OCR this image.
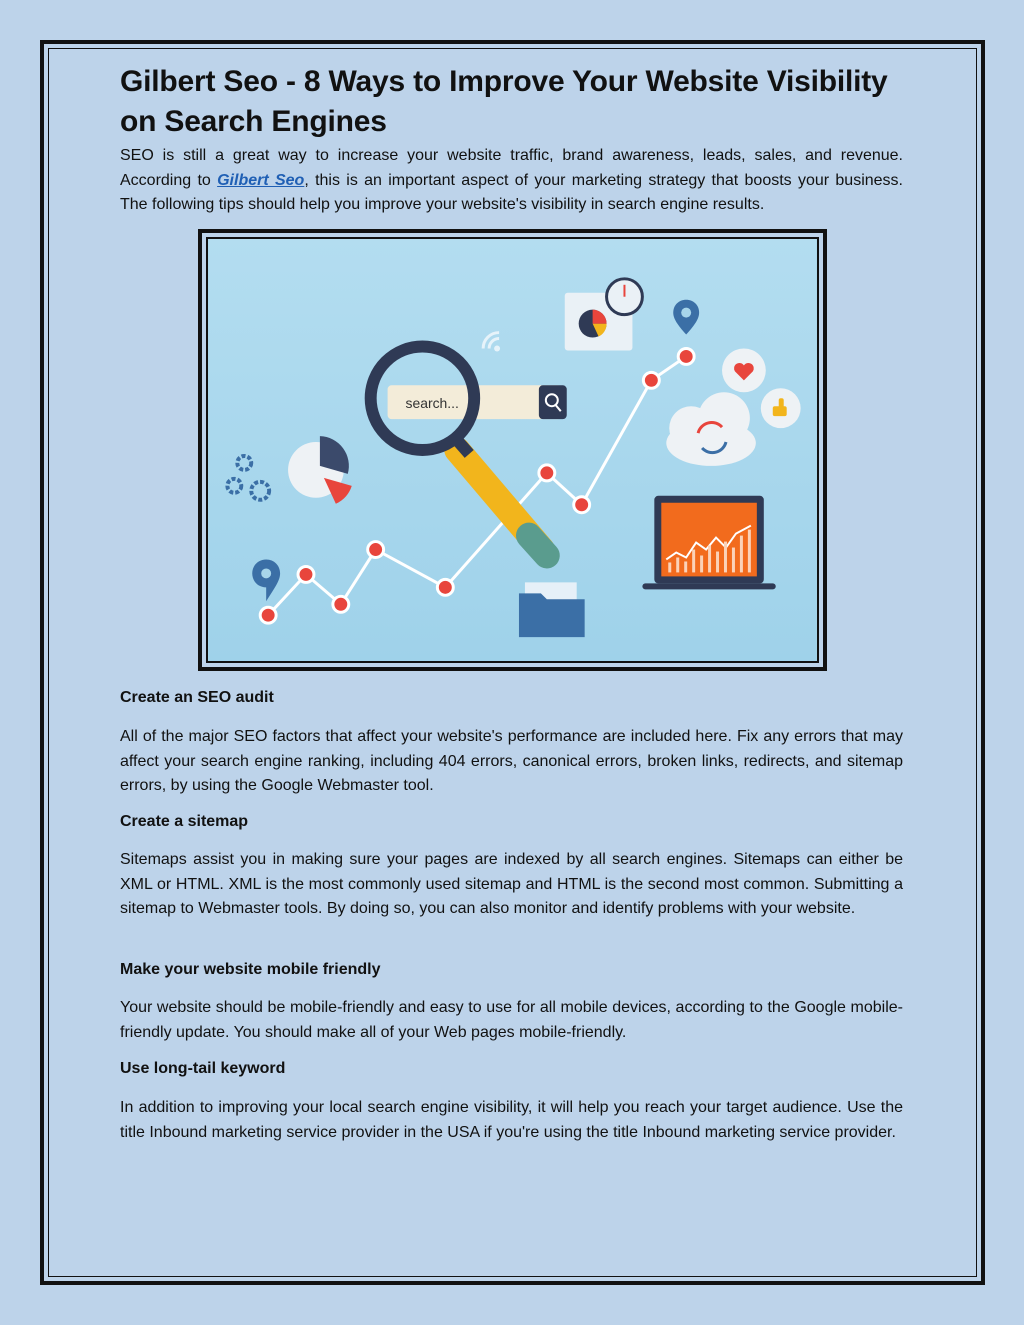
Gilbert Seo - 8 Ways to Improve Your Website Visibility on Search Engines

SEO is still a great way to increase your website traffic, brand awareness, leads, sales, and revenue. According to Gilbert Seo, this is an important aspect of your marketing strategy that boosts your business. The following tips should help you improve your website's visibility in search engine results.

search...

Create an SEO audit

All of the major SEO factors that affect your website's performance are included here. Fix any errors that may affect your search engine ranking, including 404 errors, canonical errors, broken links, redirects, and sitemap errors, by using the Google Webmaster tool.

Create a sitemap

Sitemaps assist you in making sure your pages are indexed by all search engines. Sitemaps can either be XML or HTML. XML is the most commonly used sitemap and HTML is the second most common. Submitting a sitemap to Webmaster tools. By doing so, you can also monitor and identify problems with your website.

Make your website mobile friendly

Your website should be mobile-friendly and easy to use for all mobile devices, according to the Google mobile-friendly update. You should make all of your Web pages mobile-friendly.

Use long-tail keyword

In addition to improving your local search engine visibility, it will help you reach your target audience. Use the title Inbound marketing service provider in the USA if you're using the title Inbound marketing service provider.
